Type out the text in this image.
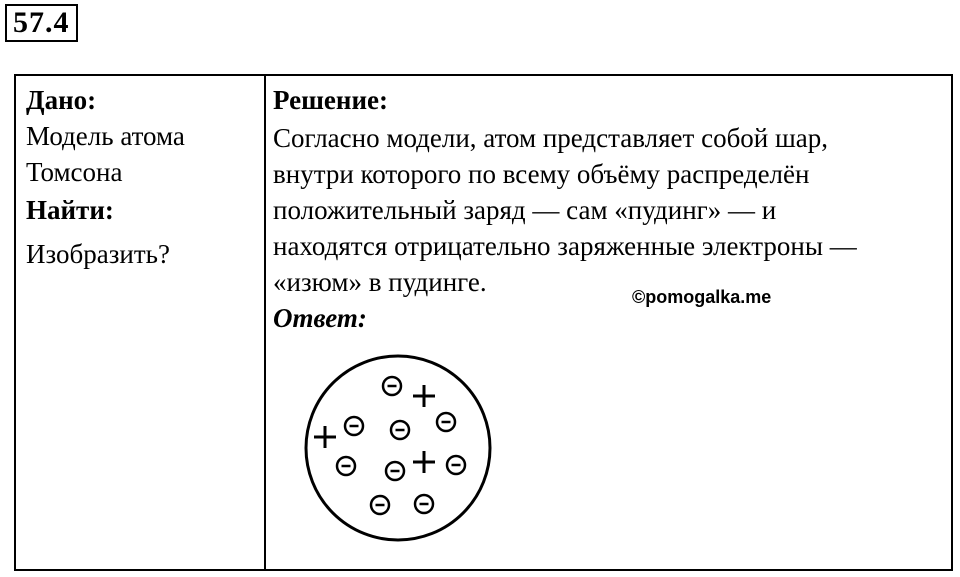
57.4
Дано:
Модель атома
Томсона
Найти:
Изобразить?
Решение:
Согласно модели, атом представляет собой шар,
внутри которого по всему объёму распределён
положительный заряд — сам «пудинг» — и
находятся отрицательно заряженные электроны —
«изюм» в пудинге.
Ответ:
©pomogalka.me
